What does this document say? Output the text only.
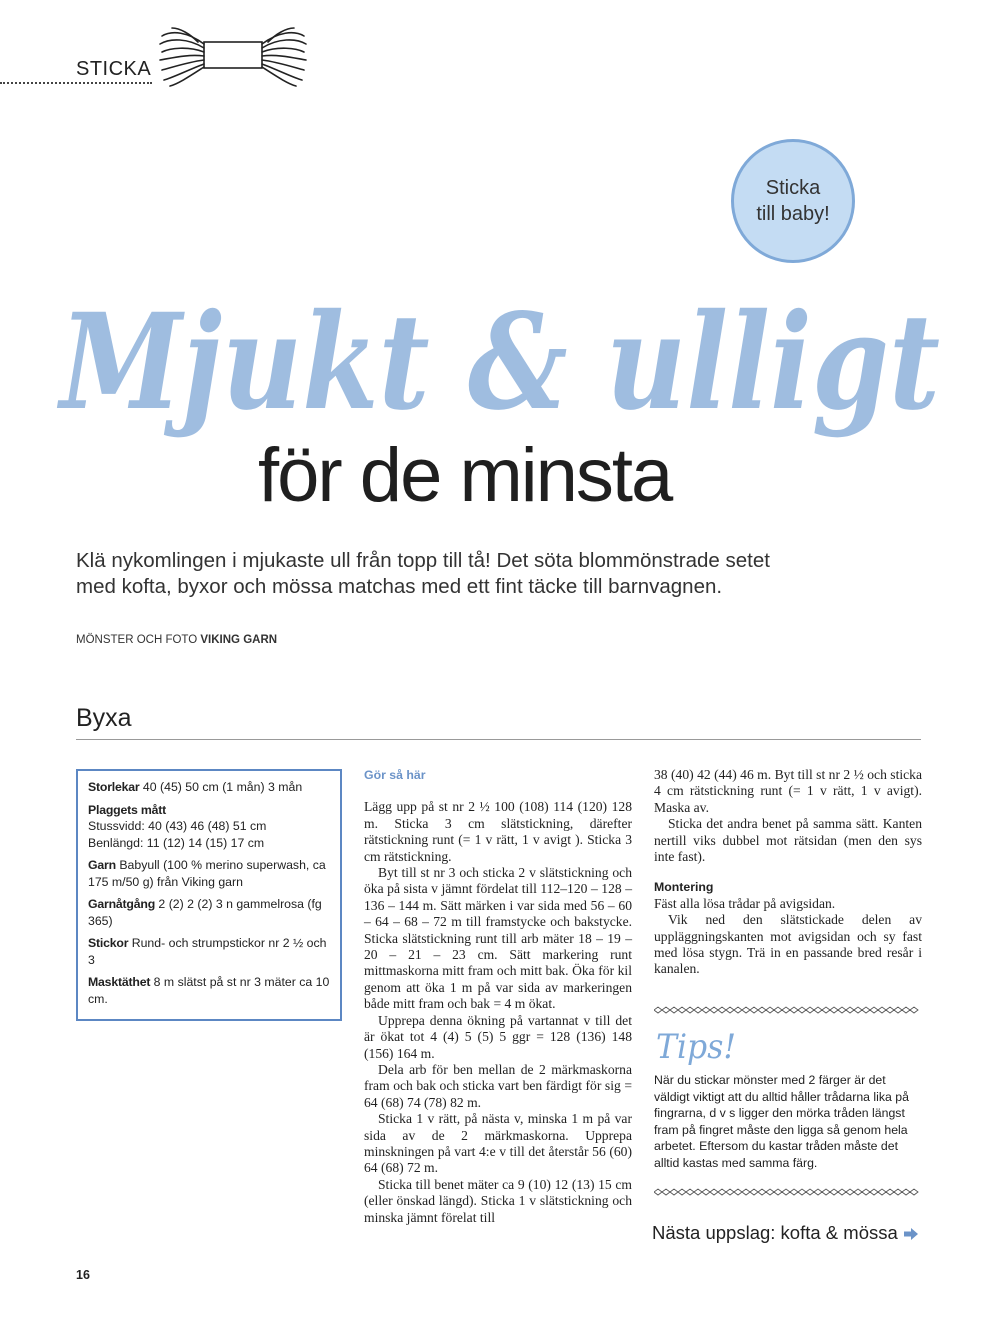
STICKA
Sticka
till baby!
Mjukt & ulligt
för de minsta
Klä nykomlingen i mjukaste ull från topp till tå! Det söta blommönstrade setet med kofta, byxor och mössa matchas med ett fint täcke till barnvagnen.
MÖNSTER OCH FOTO VIKING GARN
Byxa
Storlekar 40 (45) 50 cm (1 mån) 3 mån
Plaggets mått
Stussvidd: 40 (43) 46 (48) 51 cm
Benlängd: 11 (12) 14 (15) 17 cm
Garn Babyull (100 % merino superwash, ca 175 m/50 g) från Viking garn
Garnåtgång 2 (2) 2 (2) 3 n gammelrosa (fg 365)
Stickor Rund- och strumpstickor nr 2 ½ och 3
Masktäthet 8 m slätst på st nr 3 mäter ca 10 cm.
Gör så här

Lägg upp på st nr 2 ½ 100 (108) 114 (120) 128 m. Sticka 3 cm slätstickning, därefter rätstickning runt (= 1 v rätt, 1 v avigt ). Sticka 3 cm rätstickning.

Byt till st nr 3 och sticka 2 v slätstickning och öka på sista v jämnt fördelat till 112–120 – 128 – 136 – 144 m. Sätt märken i var sida med 56 – 60 – 64 – 68 – 72 m till framstycke och bakstycke. Sticka slätstickning runt till arb mäter 18 – 19 – 20 – 21 – 23 cm. Sätt markering runt mittmaskorna mitt fram och mitt bak. Öka för kil genom att öka 1 m på var sida av markeringen både mitt fram och bak = 4 m ökat.

Upprepa denna ökning på vartannat v till det är ökat tot 4 (4) 5 (5) 5 ggr = 128 (136) 148 (156) 164 m.

Dela arb för ben mellan de 2 märkmaskorna fram och bak och sticka vart ben färdigt för sig = 64 (68) 74 (78) 82 m.

Sticka 1 v rätt, på nästa v, minska 1 m på var sida av de 2 märkmaskorna. Upprepa minskningen på vart 4:e v till det återstår 56 (60) 64 (68) 72 m.

Sticka till benet mäter ca 9 (10) 12 (13) 15 cm (eller önskad längd). Sticka 1 v slätstickning och minska jämnt förelat till

38 (40) 42 (44) 46 m. Byt till st nr 2 ½ och sticka 4 cm rätstickning runt (= 1 v rätt, 1 v avigt). Maska av.

Sticka det andra benet på samma sätt. Kanten nertill viks dubbel mot rätsidan (men den sys inte fast).

Montering

Fäst alla lösa trådar på avigsidan.

Vik ned den slätstickade delen av uppläggningskanten mot avigsidan och sy fast med lösa stygn. Trä in en passande bred resår i kanalen.

Tips!
När du stickar mönster med 2 färger är det väldigt viktigt att du alltid håller trådarna lika på fingrarna, d v s ligger den mörka tråden längst fram på fingret måste den ligga så genom hela arbetet. Eftersom du kastar tråden måste det alltid kastas med samma färg.
Nästa uppslag: kofta & mössa
16
